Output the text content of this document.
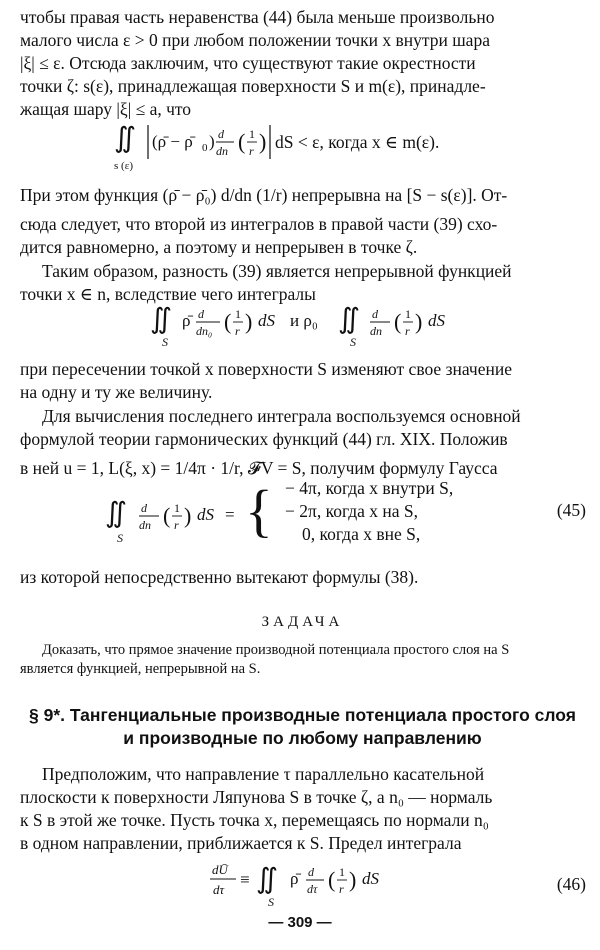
чтобы правая часть неравенства (44) была меньше произвольно
малого числа ε > 0 при любом положении точки x внутри шара
|ξ| ≤ ε. Отсюда заключим, что существуют такие окрестности
точки ζ: s(ε), принадлежащая поверхности S и m(ε), принадле-
жащая шару |ξ| ≤ a, что
∬ (ρ̄ − ρ̄ 0 ) d
dn ( 1
r )
s (ε)
dS < ε, когда x ∈ m(ε).
При этом функция (ρ̄ − ρ̄₀) d/dn (1/r) непрерывна на [S − s(ε)]. От-
сюда следует, что второй из интегралов в правой части (39) схо-
дится равномерно, а поэтому и непрерывен в точке ζ.
Таким образом, разность (39) является непрерывной функцией
точки x ∈ n, вследствие чего интегралы
∬
S
ρ̄ d
dn₀ ( 1
r ) dS ∬
S
d
dn ( 1
r ) dS
и ρ₀
при пересечении точкой x поверхности S изменяют свое значение
на одну и ту же величину.
Для вычисления последнего интеграла воспользуемся основной
формулой теории гармонических функций (44) гл. XIX. Положив
в ней u = 1, L(ξ, x) = 1/4π · 1/r, 𝓕V = S, получим формулу Гаусса
∬
S
d
dn ( 1
r ) dS = { − 4π, когда x внутри S,
− 2π, когда x на S,
0, когда x вне S,
(45)
из которой непосредственно вытекают формулы (38).
ЗАДАЧА
Доказать, что прямое значение производной потенциала простого слоя на S
является функцией, непрерывной на S.
§ 9*. Тангенциальные производные потенциала простого слоя
и производные по любому направлению
Предположим, что направление τ параллельно касательной
плоскости к поверхности Ляпунова S в точке ζ, а n₀ — нормаль
к S в этой же точке. Пусть точка x, перемещаясь по нормали n₀
в одном направлении, приближается к S. Предел интеграла
dŪ
dτ
≡ ∬
S
ρ̄ d
dτ ( 1
r ) dS	(46)
— 309 —
